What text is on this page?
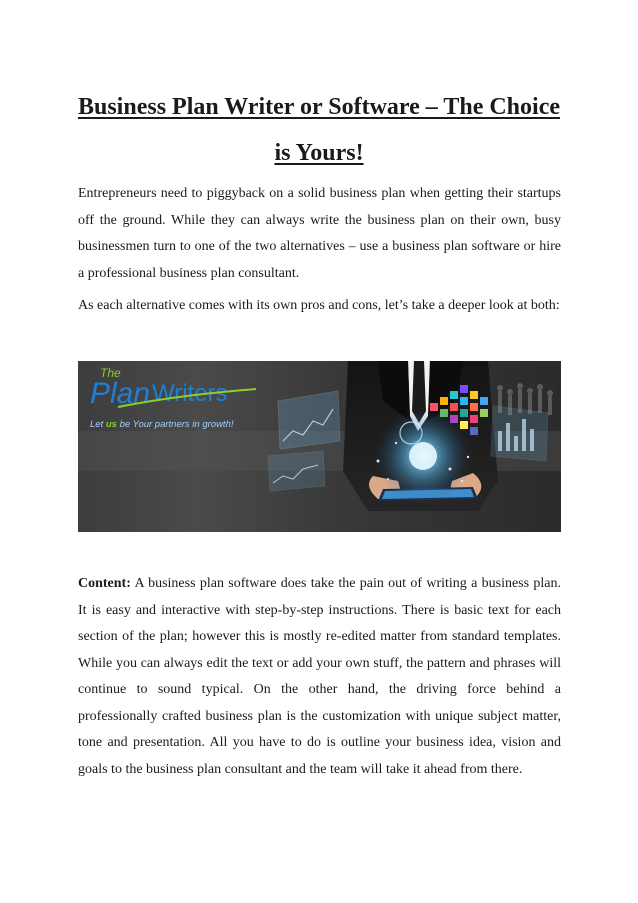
Business Plan Writer or Software – The Choice is Yours!

Entrepreneurs need to piggyback on a solid business plan when getting their startups off the ground. While they can always write the business plan on their own, busy businessmen turn to one of the two alternatives – use a business plan software or hire a professional business plan consultant.

As each alternative comes with its own pros and cons, let’s take a deeper look at both:

The
Plan Writers
Let us be Your partners in growth!

Content: A business plan software does take the pain out of writing a business plan. It is easy and interactive with step-by-step instructions. There is basic text for each section of the plan; however this is mostly re-edited matter from standard templates. While you can always edit the text or add your own stuff, the pattern and phrases will continue to sound typical. On the other hand, the driving force behind a professionally crafted business plan is the customization with unique subject matter, tone and presentation. All you have to do is outline your business idea, vision and goals to the business plan consultant and the team will take it ahead from there.
